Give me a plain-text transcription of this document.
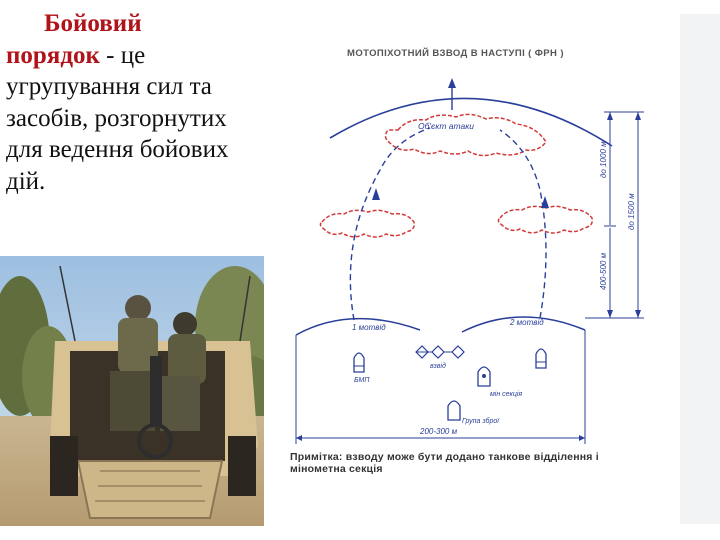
Бойовий
порядок - це
угрупування сил та
засобів, розгорнутих
для ведення бойових
дій.
МОТОПІХОТНИЙ ВЗВОД В НАСТУПІ ( ФРН )
Об'єкт атаки
1 мотвід
2 мотвід
БМП
взвід
мін секція
Група зброї
200-300 м
до 1000 м
400-500 м
до 1500 м
Примітка: взводу може бути додано танкове відділення і мінометна секція
